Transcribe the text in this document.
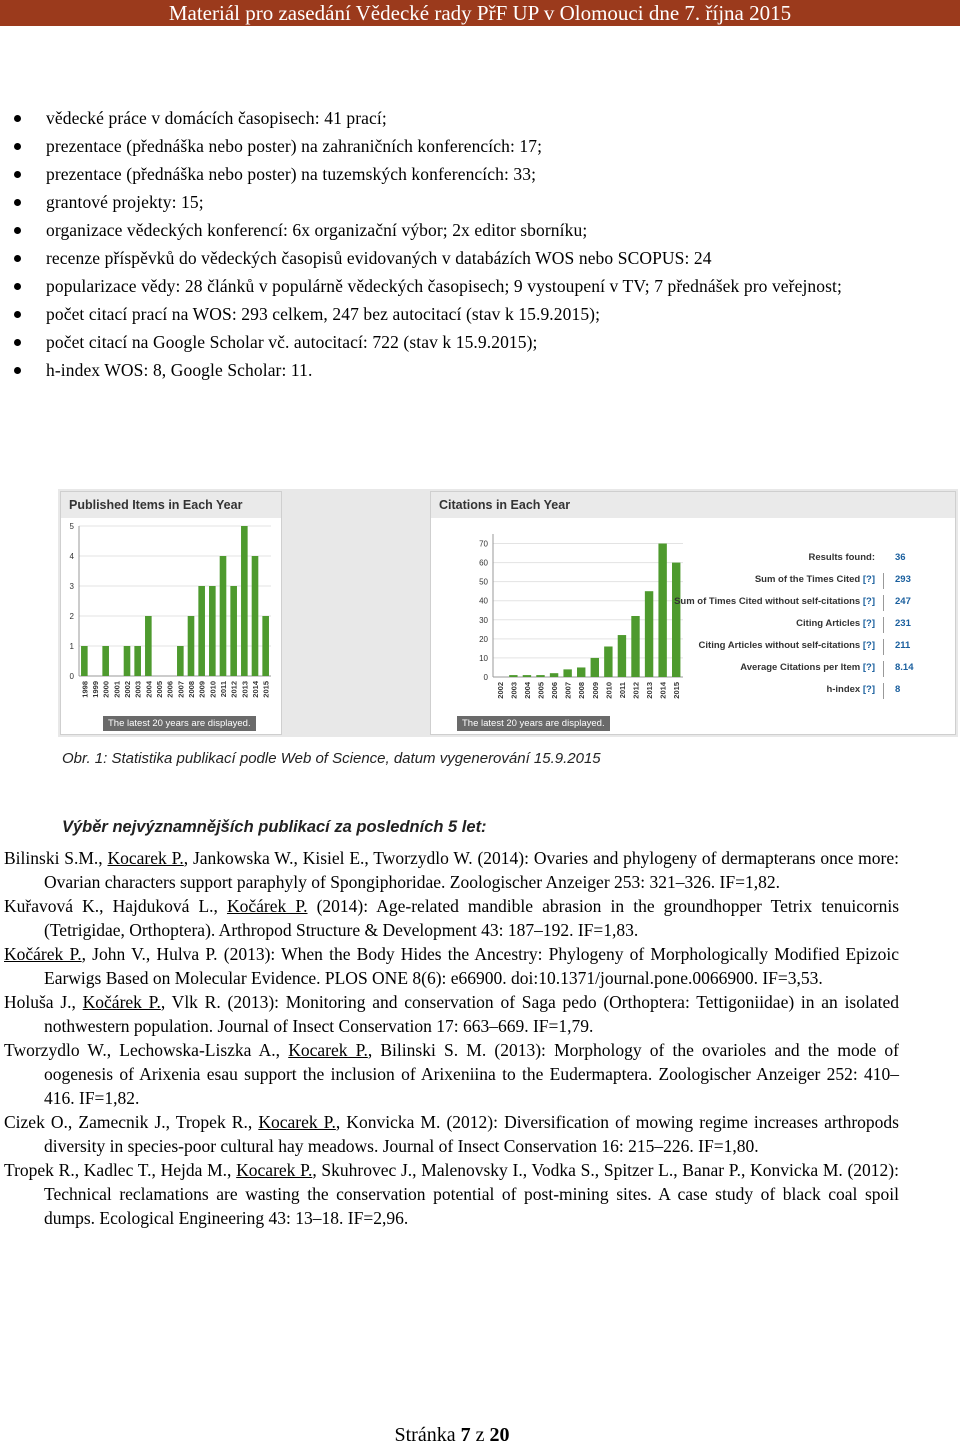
Materiál pro zasedání Vědecké rady PřF UP v Olomouci dne 7. října 2015
vědecké práce v domácích časopisech: 41 prací;
prezentace (přednáška nebo poster) na zahraničních konferencích: 17;
prezentace (přednáška nebo poster) na tuzemských konferencích: 33;
grantové projekty: 15;
organizace vědeckých konferencí: 6x organizační výbor; 2x editor sborníku;
recenze příspěvků do vědeckých časopisů evidovaných v databázích WOS nebo SCOPUS: 24
popularizace vědy: 28 článků v populárně vědeckých časopisech; 9 vystoupení v TV; 7 přednášek pro veřejnost;
počet citací prací na WOS: 293 celkem, 247 bez autocitací (stav k 15.9.2015);
počet citací na Google Scholar vč. autocitací: 722 (stav k 15.9.2015);
h-index WOS: 8, Google Scholar: 11.
Published Items in Each Year
0
1
2
3
4
5
1998 1999 2000 2001 2002 2003 2004 2005 2006 2007 2008 2009 2010 2011 2012 2013 2014 2015
The latest 20 years are displayed.
Citations in Each Year
0
10
20
30
40
50
60
70
2002 2003 2004 2005 2006 2007 2008 2009 2010 2011 2012 2013 2014 2015
The latest 20 years are displayed.
Results found:	36
Sum of the Times Cited [?]	293
Sum of Times Cited without self-citations [?]	247
Citing Articles [?]	231
Citing Articles without self-citations [?]	211
Average Citations per Item [?]	8.14
h-index [?]	8
Obr. 1: Statistika publikací podle Web of Science, datum vygenerování 15.9.2015
Výběr nejvýznamnějších publikací za posledních 5 let:
Bilinski S.M., Kocarek P., Jankowska W., Kisiel E., Tworzydlo W. (2014): Ovaries and phylogeny of dermapterans once more: Ovarian characters support paraphyly of Spongiphoridae. Zoologischer Anzeiger 253: 321–326. IF=1,82.
Kuřavová K., Hajduková L., Kočárek P. (2014): Age-related mandible abrasion in the groundhopper Tetrix tenuicornis (Tetrigidae, Orthoptera). Arthropod Structure & Development 43: 187–192. IF=1,83.
Kočárek P., John V., Hulva P. (2013): When the Body Hides the Ancestry: Phylogeny of Morphologically Modified Epizoic Earwigs Based on Molecular Evidence. PLOS ONE 8(6): e66900. doi:10.1371/journal.pone.0066900. IF=3,53.
Holuša J., Kočárek P., Vlk R. (2013): Monitoring and conservation of Saga pedo (Orthoptera: Tettigoniidae) in an isolated nothwestern population. Journal of Insect Conservation 17: 663–669. IF=1,79.
Tworzydlo W., Lechowska-Liszka A., Kocarek P., Bilinski S. M. (2013): Morphology of the ovarioles and the mode of oogenesis of Arixenia esau support the inclusion of Arixeniina to the Eudermaptera. Zoologischer Anzeiger 252: 410–416. IF=1,82.
Cizek O., Zamecnik J., Tropek R., Kocarek P., Konvicka M. (2012): Diversification of mowing regime increases arthropods diversity in species-poor cultural hay meadows. Journal of Insect Conservation 16: 215–226. IF=1,80.
Tropek R., Kadlec T., Hejda M., Kocarek P., Skuhrovec J., Malenovsky I., Vodka S., Spitzer L., Banar P., Konvicka M. (2012): Technical reclamations are wasting the conservation potential of post-mining sites. A case study of black coal spoil dumps. Ecological Engineering 43: 13–18. IF=2,96.
Stránka 7 z 20
